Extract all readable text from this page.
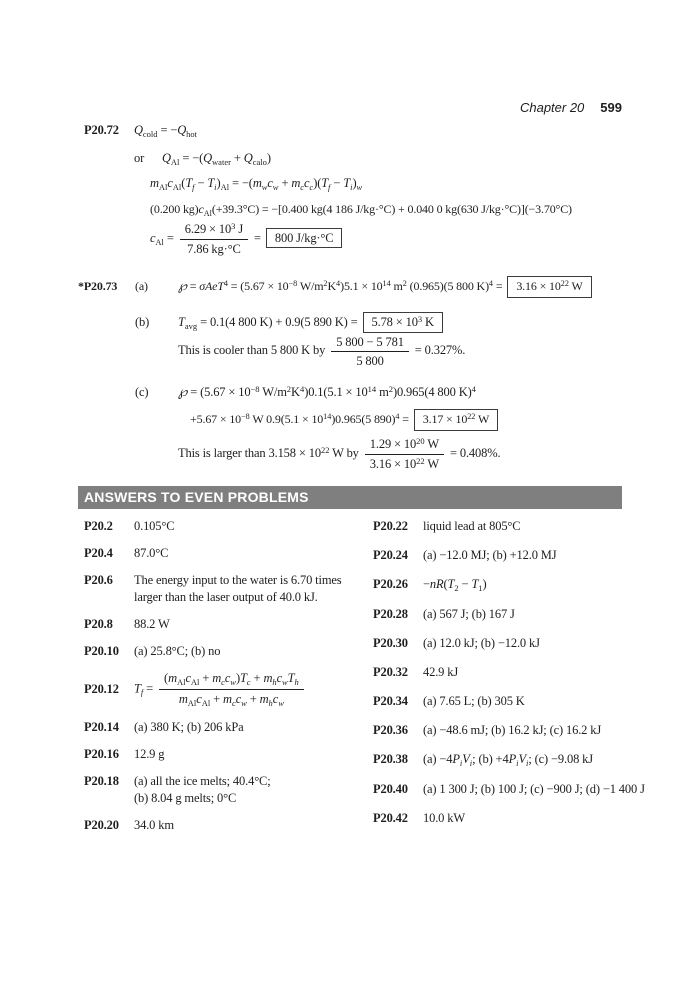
Chapter 20 599
P20.72 $Q_{cold} = -Q_{hot}$
or $Q_{Al} = -(Q_{water} + Q_{calo})$
$m_{Al}c_{Al}(T_f - T_i)_{Al} = -(m_wc_w + m_cc_c)(T_f - T_i)_w$
(0.200 $kg)c_{Al}(+39.3^\circ C) = -[0.400$ kg(4 186 J/kg·°C) + 0.040 0 kg(630 J/kg·°C)](−3.70°C)
$c_{Al} = \frac{6.29 \times 10^3 J}{7.86 kg\cdot^\circ C} = 800$ J/kg·°C
*P20.73 (a) ℘ = $\sigma AeT^4 = (5.67 \times 10^{-8}$ $W/m^2K^4)5.1 \times 10^{14}$ $m^2$ (0.965)(5 800 $K)^4 = 3.16 \times 10^{22}$ W
(b) $T_{avg} = 0.1(4$ 800 K) + 0.9(5 890 $K) = 5.78 \times 10^3$ K
This is cooler than 5 800 K by $\frac{5 800 - 5 781}{5 800} = 0.327\%$.
(c) ℘ = ($5.67 \times 10^{-8}$ $W/m^2K^4)0.1(5.1 \times 10^{14}$ $m^2)0.965(4$ 800 K)$^4$
$+5.67 \times 10^{-8}$ W $0.9(5.1 \times 10^{14})0.965(5$ $890)^4 = 3.17 \times 10^{22}$ W
This is larger than $3.158 \times 10^{22}$ W by $\frac{1.29 \times 10^{20} W}{3.16 \times 10^{22} W} = 0.408\%$.
ANSWERS TO EVEN PROBLEMS
P20.2	0.105°C
P20.4	87.0°C
P20.6	The energy input to the water is 6.70 times
larger than the laser output of 40.0 kJ.
P20.8	88.2 W
P20.10	(a) 25.8°C; (b) no
P20.12	$T_f = \frac{(m_{Al}c_{Al} + m_cc_w)T_c + m_hc_wT_h}{m_{Al}c_{Al} + m_cc_w + m_hc_w}$
P20.14	(a) 380 K; (b) 206 kPa
P20.16	12.9 g
P20.18	(a) all the ice melts; 40.4°C;
(b) 8.04 g melts; 0°C
P20.20	34.0 km
P20.22	liquid lead at 805°C
P20.24	(a) −12.0 MJ; (b) +12.0 MJ
P20.26	$-nR(T_2 - T_1)$
P20.28	(a) 567 J; (b) 167 J
P20.30	(a) 12.0 kJ; (b) −12.0 kJ
P20.32	42.9 kJ
P20.34	(a) 7.65 L; (b) 305 K
P20.36	(a) −48.6 mJ; (b) 16.2 kJ; (c) 16.2 kJ
P20.38	$(a) -4P_iV_i$; $(b) +4P_iV_i$; (c) −9.08 kJ
P20.40	(a) 1 300 J; (b) 100 J; (c) −900 J; (d) −1 400 J
P20.42	10.0 kW
